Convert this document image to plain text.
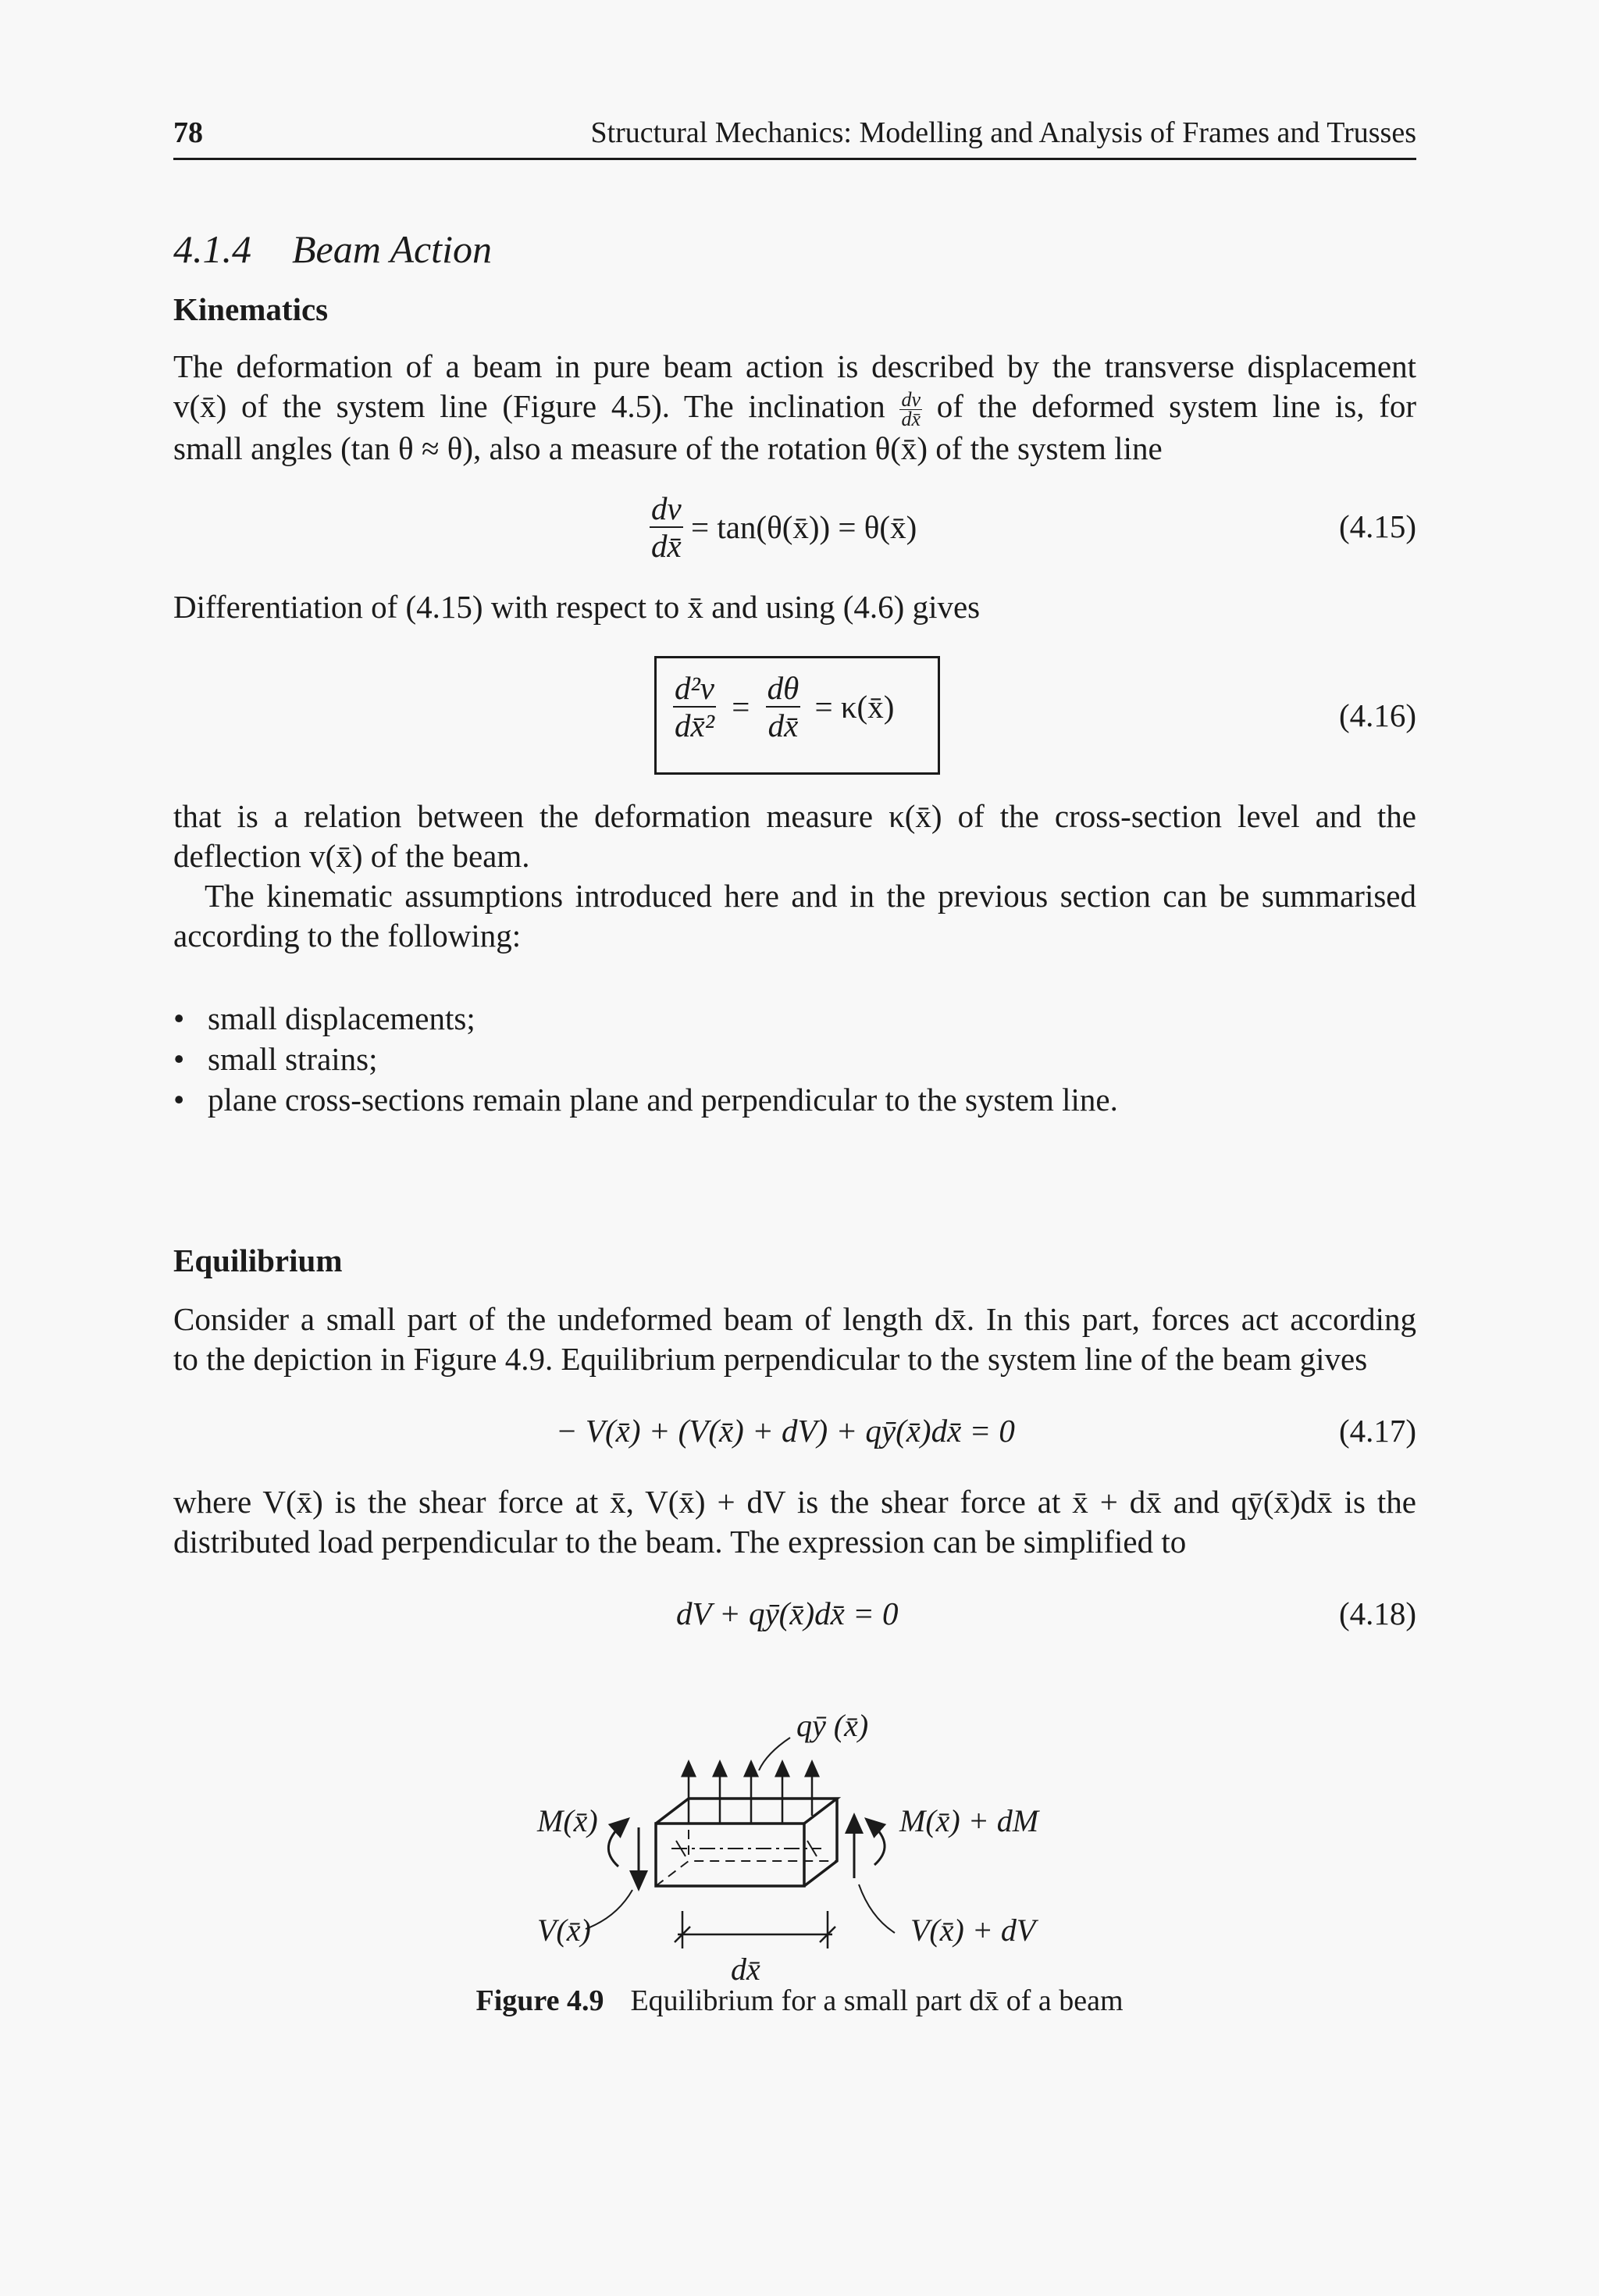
78	Structural Mechanics: Modelling and Analysis of Frames and Trusses
4.1.4 Beam Action
Kinematics
The deformation of a beam in pure beam action is described by the transverse displacement
v(x̄) of the system line (Figure 4.5). The inclination $\frac{dv}{dx̄}$ of the deformed system line is, for
small angles (tan θ ≈ θ), also a measure of the rotation θ(x̄) of the system line
$\frac{dv}{dx̄}$ = tan(θ(x̄)) = θ(x̄)	(4.15)
Differentiation of (4.15) with respect to x̄ and using (4.6) gives
$\frac{\text{d²v}}{\text{dx̄²}} = \frac{d\theta}{dx̄}$ = κ(x̄)	(4.16)
that is a relation between the deformation measure κ(x̄) of the cross-section level and the
deflection v(x̄) of the beam.
The kinematic assumptions introduced here and in the previous section can be summarised
according to the following:
• small displacements;
• small strains;
• plane cross-sections remain plane and perpendicular to the system line.
Equilibrium
Consider a small part of the undeformed beam of length dx̄. In this part, forces act according
to the depiction in Figure 4.9. Equilibrium perpendicular to the system line of the beam gives
− V(x̄) + (V(x̄) + dV) + qȳ(x̄)dx̄ = 0	(4.17)
where V(x̄) is the shear force at x̄, V(x̄) + dV is the shear force at x̄ + dx̄ and qȳ(x̄)dx̄ is the
distributed load perpendicular to the beam. The expression can be simplified to
dV + qȳ(x̄)dx̄ = 0	(4.18)
qȳ (x̄)
M(x̄)	M(x̄) + dM
V(x̄)	V(x̄) + dV
dx̄
Figure 4.9 Equilibrium for a small part dx̄ of a beam
